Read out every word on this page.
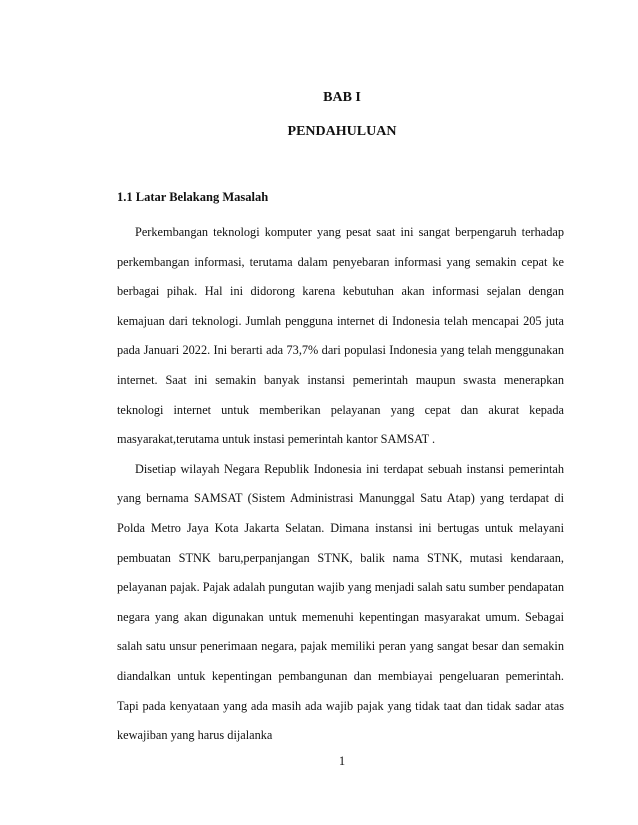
BAB I
PENDAHULUAN
1.1 Latar Belakang Masalah

Perkembangan teknologi komputer yang pesat saat ini sangat berpengaruh terhadap perkembangan informasi, terutama dalam penyebaran informasi yang semakin cepat ke berbagai pihak. Hal ini didorong karena kebutuhan akan informasi sejalan dengan kemajuan dari teknologi. Jumlah pengguna internet di Indonesia telah mencapai 205 juta pada Januari 2022. Ini berarti ada 73,7% dari populasi Indonesia yang telah menggunakan internet. Saat ini semakin banyak instansi pemerintah maupun swasta menerapkan teknologi internet untuk memberikan pelayanan yang cepat dan akurat kepada masyarakat,terutama untuk instasi pemerintah kantor SAMSAT .

Disetiap wilayah Negara Republik Indonesia ini terdapat sebuah instansi pemerintah yang bernama SAMSAT (Sistem Administrasi Manunggal Satu Atap) yang terdapat di Polda Metro Jaya Kota Jakarta Selatan. Dimana instansi ini bertugas untuk melayani pembuatan STNK baru,perpanjangan STNK, balik nama STNK, mutasi kendaraan, pelayanan pajak. Pajak adalah pungutan wajib yang menjadi salah satu sumber pendapatan negara yang akan digunakan untuk memenuhi kepentingan masyarakat umum. Sebagai salah satu unsur penerimaan negara, pajak memiliki peran yang sangat besar dan semakin diandalkan untuk kepentingan pembangunan dan membiayai pengeluaran pemerintah. Tapi pada kenyataan yang ada masih ada wajib pajak yang tidak taat dan tidak sadar atas kewajiban yang harus dijalanka

1
